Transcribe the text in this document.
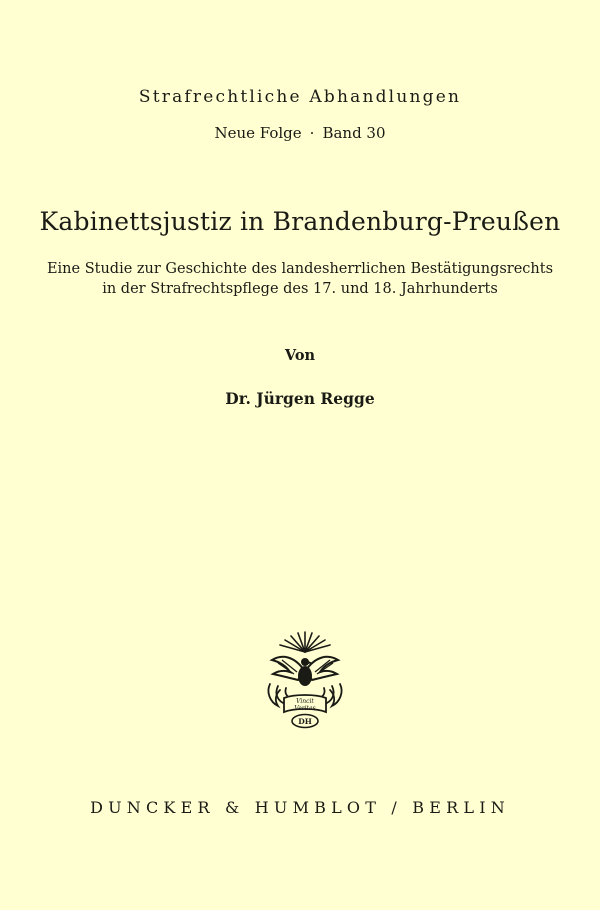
Strafrechtliche Abhandlungen
Neue Folge · Band 30
Kabinettsjustiz in Brandenburg-Preußen
Eine Studie zur Geschichte des landesherrlichen Bestätigungsrechts
in der Strafrechtspflege des 17. und 18. Jahrhunderts
Von
Dr. Jürgen Regge
Vincit
Veritas
DH
DUNCKER & HUMBLOT / BERLIN
